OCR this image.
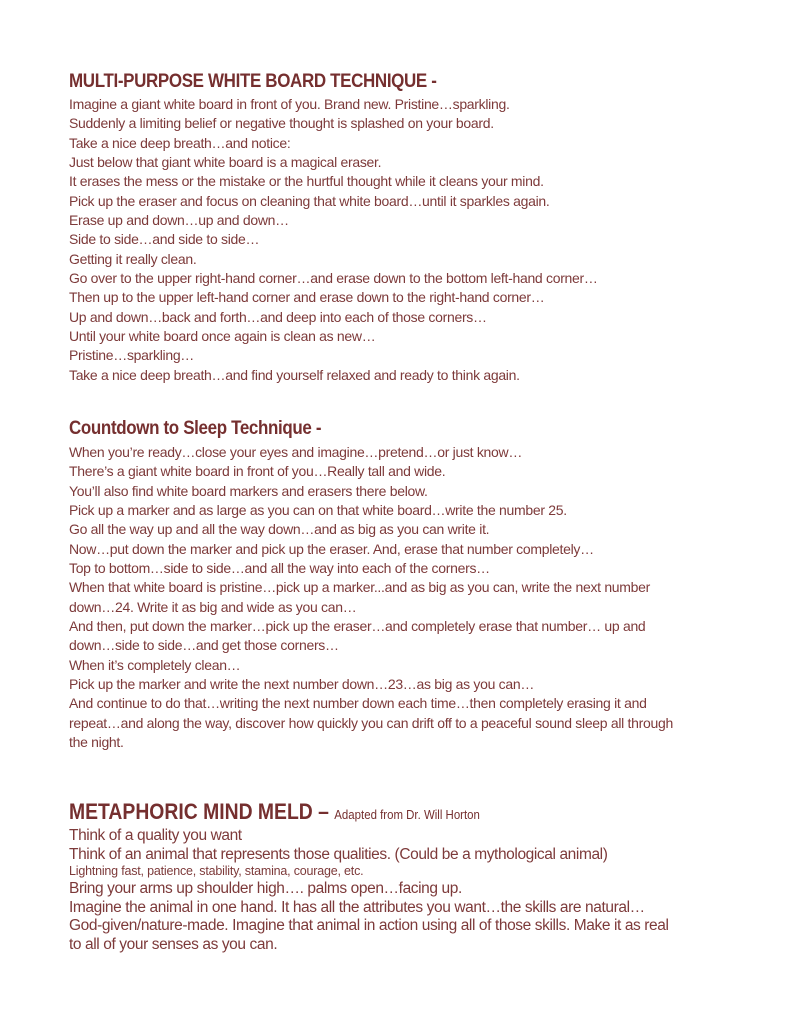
MULTI-PURPOSE WHITE BOARD TECHNIQUE -
Imagine a giant white board in front of you. Brand new. Pristine…sparkling.
Suddenly a limiting belief or negative thought is splashed on your board.
Take a nice deep breath…and notice:
Just below that giant white board is a magical eraser.
It erases the mess or the mistake or the hurtful thought while it cleans your mind.
Pick up the eraser and focus on cleaning that white board…until it sparkles again.
Erase up and down…up and down…
Side to side…and side to side…
Getting it really clean.
Go over to the upper right-hand corner…and erase down to the bottom left-hand corner…
Then up to the upper left-hand corner and erase down to the right-hand corner…
Up and down…back and forth…and deep into each of those corners…
Until your white board once again is clean as new…
Pristine…sparkling…
Take a nice deep breath…and find yourself relaxed and ready to think again.
Countdown to Sleep Technique -
When you’re ready…close your eyes and imagine…pretend…or just know…
There’s a giant white board in front of you…Really tall and wide.
You’ll also find white board markers and erasers there below.
Pick up a marker and as large as you can on that white board…write the number 25.
Go all the way up and all the way down…and as big as you can write it.
Now…put down the marker and pick up the eraser. And, erase that number completely…
Top to bottom…side to side…and all the way into each of the corners…
When that white board is pristine…pick up a marker...and as big as you can, write the next number
down…24. Write it as big and wide as you can…
And then, put down the marker…pick up the eraser…and completely erase that number… up and
down…side to side…and get those corners…
When it’s completely clean…
Pick up the marker and write the next number down…23…as big as you can…
And continue to do that…writing the next number down each time…then completely erasing it and
repeat…and along the way, discover how quickly you can drift off to a peaceful sound sleep all through
the night.
METAPHORIC MIND MELD – Adapted from Dr. Will Horton
Think of a quality you want
Think of an animal that represents those qualities. (Could be a mythological animal)
Lightning fast, patience, stability, stamina, courage, etc.
Bring your arms up shoulder high…. palms open…facing up.
Imagine the animal in one hand. It has all the attributes you want…the skills are natural…
God-given/nature-made. Imagine that animal in action using all of those skills. Make it as real
to all of your senses as you can.
